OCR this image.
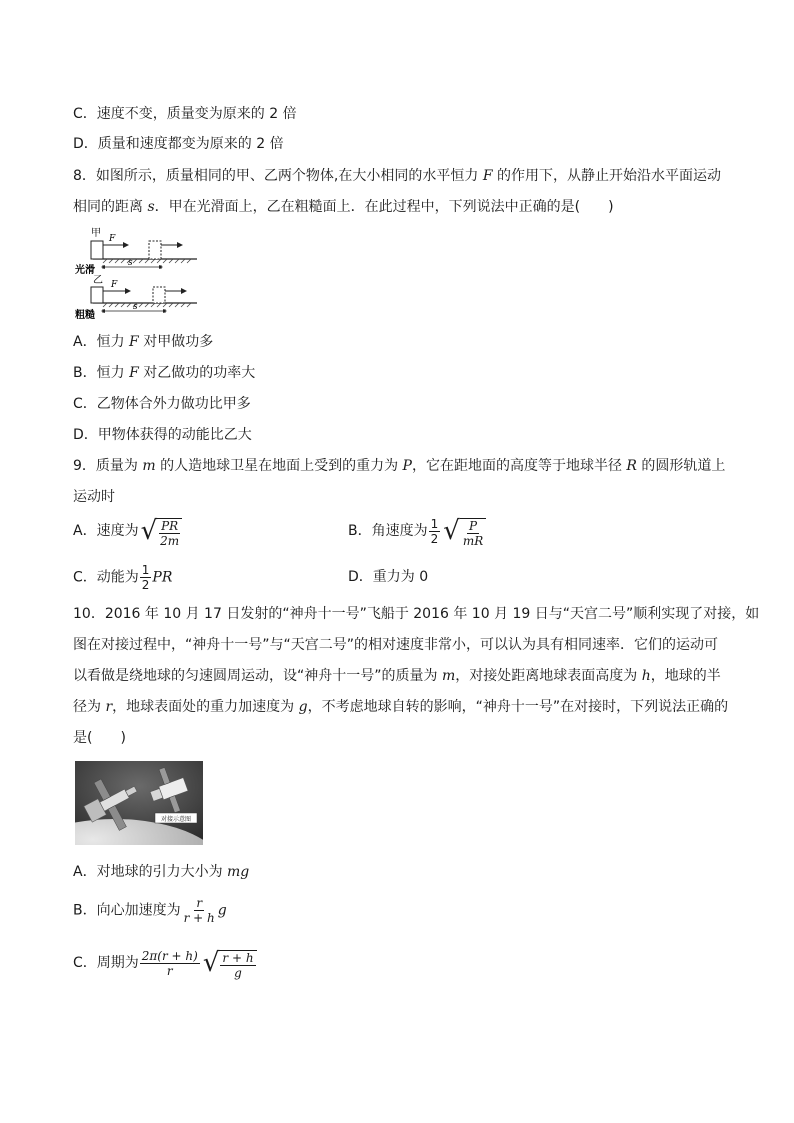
C．速度不变，质量变为原来的 2 倍
D．质量和速度都变为原来的 2 倍
8．如图所示，质量相同的甲、乙两个物体,在大小相同的水平恒力 F 的作用下，从静止开始沿水平面运动
相同的距离 s．甲在光滑面上，乙在粗糙面上．在此过程中，下列说法中正确的是(　　)
甲 F
s
光滑
乙 F
s
粗糙
A．恒力 F 对甲做功多
B．恒力 F 对乙做功的功率大
C．乙物体合外力做功比甲多
D．甲物体获得的动能比乙大
9．质量为 m 的人造地球卫星在地面上受到的重力为 P，它在距地面的高度等于地球半径 R 的圆形轨道上
运动时
A．速度为 √ $\frac{PR}{2m}$	B．角速度为 $\frac{1}{2}$ √ $\frac{P}{mR}$
C．动能为 $\frac{1}{2}$ PR	D．重力为 0
10．2016 年 10 月 17 日发射的“神舟十一号”飞船于 2016 年 10 月 19 日与“天宫二号”顺利实现了对接，如
图在对接过程中，“神舟十一号”与“天宫二号”的相对速度非常小，可以认为具有相同速率．它们的运动可
以看做是绕地球的匀速圆周运动，设“神舟十一号”的质量为 m，对接处距离地球表面高度为 h，地球的半
径为 r，地球表面处的重力加速度为 g，不考虑地球自转的影响，“神舟十一号”在对接时，下列说法正确的
是(　　)
对接示意图
A．对地球的引力大小为 mg
B．向心加速度为 $\frac{r}{r + h}$ g
C．周期为 $\frac{2\pi(r + h)}{r}$ √ $\frac{r + h}{g}$
